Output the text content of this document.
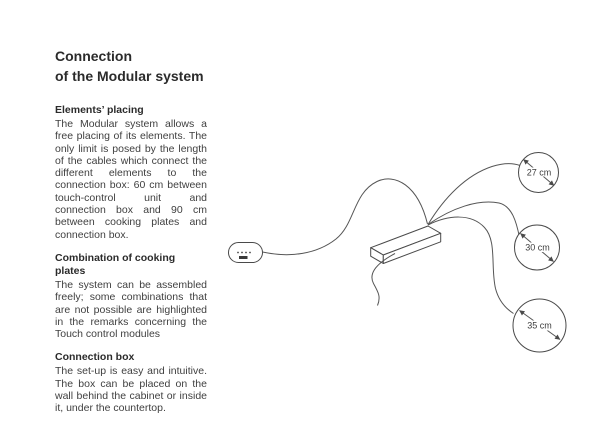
Connection
of the Modular system
Elements’ placing

The Modular system allows a free placing of its elements. The only limit is posed by the length of the cables which connect the different elements to the connection box: 60 cm between touch-control unit and connection box and 90 cm between cooking plates and connection box.

Combination of cooking plates

The system can be assembled freely; some combinations that are not possible are highlighted in the remarks concerning the Touch control modules

Connection box

The set-up is easy and intuitive. The box can be placed on the wall behind the cabinet or inside it, under the countertop.

27 cm
30 cm
35 cm
